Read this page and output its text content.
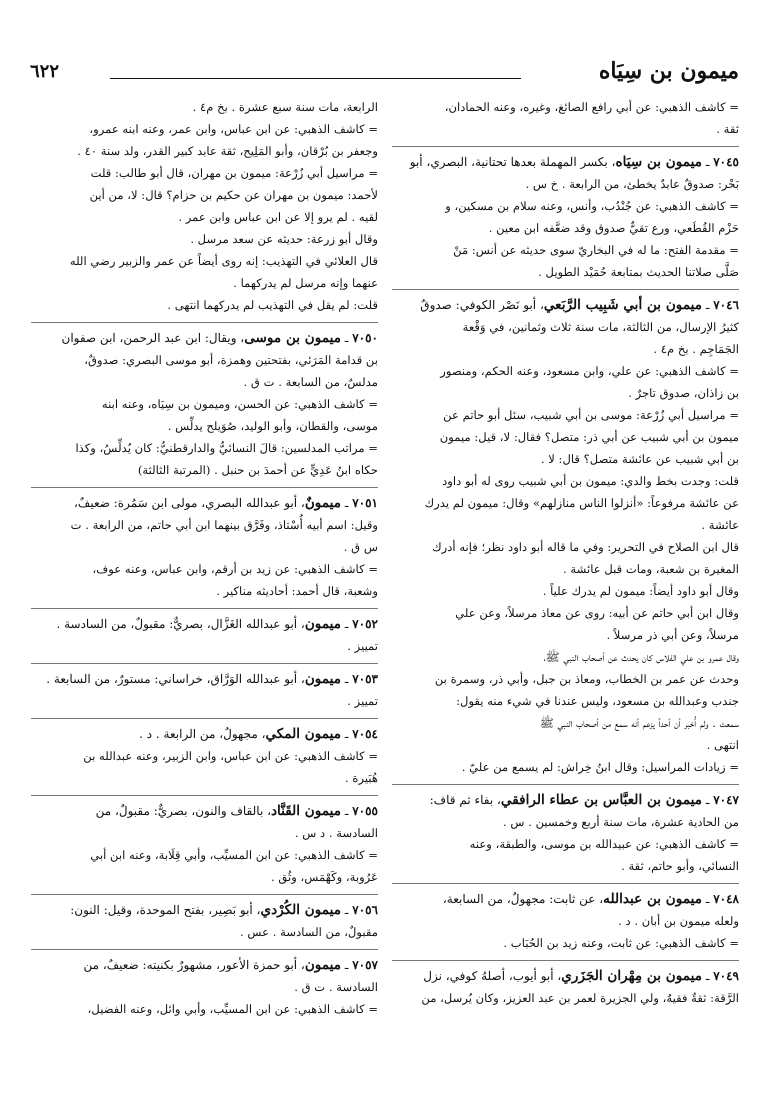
ميمون بن سِيَاه
٦٢٢

= كاشف الذهبي: عن أبي رافع الصائغ، وغيره، وعنه الحمادان،

ثقة .

٧٠٤٥ ـ ميمون بن سِيَاه، بكسر المهملة بعدها تحتانية، البصري، أبو

بَحْر: صدوقٌ عابدٌ يخطئ، من الرابعة . خ س .

= كاشف الذهبي: عن جُنْدُب، وأنس، وعنه سلام بن مسكين، و

حَزْم القُطَعي، ورع تقيٌّ صدوق وقد ضعَّفه ابن معين .

= مقدمة الفتح: ما له في البخاريّ سوى حديثه عن أنس: مَنْ

صَلَّى صلاتنا الحديث بمتابعة حُمَيْد الطويل .

٧٠٤٦ ـ ميمون بن أبي شَبِيب الرَّبَعي، أبو نَصْر الكوفي: صدوقٌ

كثيرُ الإرسال، من الثالثة، مات سنة ثلاث وثمانين، في وَقْعة

الجَمَاجِم . بخ م٤ .

= كاشف الذهبي: عن علي، وابن مسعود، وعنه الحكم، ومنصور

بن زاذان، صدوق تاجرٌ .

= مراسيل أبي زُرْعة: موسى بن أبي شبيب، سئل أبو حاتم عن

ميمون بن أبي شبيب عن أبي ذر: متصل؟ فقال: لا، قيل: ميمون

بن أبي شبيب عن عائشة متصل؟ قال: لا .

قلت: وجدت بخط والدي: ميمون بن أبي شبيب روى له أبو داود

عن عائشة مرفوعاً: «أنزلوا الناس منازلهم» وقال: ميمون لم يدرك

عائشة .

قال ابن الصلاح في التحرير: وفي ما قاله أبو داود نظر؛ فإنه أدرك

المغيرة بن شعبة، ومات قبل عائشة .

وقال أبو داود أيضاً: ميمون لم يدرك علياً .

وقال ابن أبي حاتم عن أبيه: روى عن معاذ مرسلاً، وعن علي

مرسلاً، وعن أبي ذر مرسلاً .

وقال عمرو بن علي الفلاس كان يحدث عن أصحاب النبي ﷺ،

وحدث عن عمر بن الخطاب، ومعاذ بن جبل، وأبي ذر، وسمرة بن

جندب وعبدالله بن مسعود، وليس عندنا في شيء منه يقول:

سمعت . ولم أُخبر أن أحداً يزعم أنه سمع من أصحاب النبي ﷺ

انتهى .

= زيادات المراسيل: وقال ابنُ خِراش: لم يسمع من عليّ .

٧٠٤٧ ـ ميمون بن العبَّاس بن عطاء الرافقي، بفاء ثم قاف:

من الحادية عشرة، مات سنة أربع وخمسين . س .

= كاشف الذهبي: عن عبيدالله بن موسى، والطبقة، وعنه

النسائي، وأبو حاتم، ثقة .

٧٠٤٨ ـ ميمون بن عبدالله، عن ثابت: مجهولٌ، من السابعة،

ولعله ميمون بن أبان . د .

= كاشف الذهبي: عن ثابت، وعنه زيد بن الحُبَاب .

٧٠٤٩ ـ ميمون بن مِهْران الجَزَري، أبو أيوب، أصلهُ كوفي، نزل

الرَّقة: ثقةٌ فقيهٌ، ولي الجزيرة لعمر بن عبد العزيز، وكان يُرسل، من

الرابعة، مات سنة سبع عشرة . بخ م٤ .

= كاشف الذهبي: عن ابن عباس، وابن عمر، وعنه ابنه عمرو،

وجعفر بن بُرْقان، وأبو المَلِيح، ثقة عابد كبير القدر، ولد سنة ٤٠ .

= مراسيل أبي زُرْعة: ميمون بن مهران، قال أبو طالب: قلت

لأحمد: ميمون بن مهران عن حكيم بن حزام؟ قال: لا، من أين

لقيه . لم يرو إلا عن ابن عباس وابن عمر .

وقال أبو زرعة: حديثه عن سعد مرسل .

قال العلائي في التهذيب: إنه روى أيضاً عن عمر والزبير رضي الله

عنهما وإنه مرسل لم يدركهما .

قلت: لم يقل في التهذيب لم يدركهما انتهى .

٧٠٥٠ ـ ميمون بن موسى، ويقال: ابن عبد الرحمن، ابن صفوان

بن قدامة المَرَئي، بفتحتين وهمزة، أبو موسى البصري: صدوقٌ،

مدلسٌ، من السابعة . ت ق .

= كاشف الذهبي: عن الحسن، وميمون بن سِيَاه، وعنه ابنه

موسى، والقطان، وأبو الوليد، صُوَيلح يدلِّس .

= مراتب المدلسين: قالَ النسائيُّ والدارقطنيُّ: كان يُدلِّسُ، وكذا

حكاه ابنُ عَدِيٍّ عن أحمدَ بن حنبل . (المرتبة الثالثة)

٧٠٥١ ـ ميمونٌ، أبو عبدالله البصري، مولى ابن سَمُرة: ضعيفٌ،

وقيل: اسم أبيه أُسْتاذ، وفَرَّق بينهما ابن أبي حاتم، من الرابعة . ت

س ق .

= كاشف الذهبي: عن زيد بن أرقم، وابن عباس، وعنه عوف،

وشعبة، قال أحمد: أحاديثه مناكير .

٧٠٥٢ ـ ميمون، أبو عبدالله الغَزَّال، بصريٌّ: مقبولٌ، من السادسة .

تمييز .

٧٠٥٣ ـ ميمون، أبو عبدالله الوَرَّاق، خراساني: مستورٌ، من السابعة .

تمييز .

٧٠٥٤ ـ ميمون المكي، مجهولٌ، من الرابعة . د .

= كاشف الذهبي: عن ابن عباس، وابن الزبير، وعنه عبدالله بن

هُبَيرة .

٧٠٥٥ ـ ميمون القَنَّاد، بالقاف والنون، بصريٌّ: مقبولٌ، من

السادسة . د س .

= كاشف الذهبي: عن ابن المسيِّب، وأبي قِلَابة، وعنه ابن أبي

عَرُوبة، وكَهْمَس، وثُق .

٧٠٥٦ ـ ميمون الكُرْدي، أبو بَصِير، بفتح الموحدة، وقيل: النون:

مقبولٌ، من السادسة . عس .

٧٠٥٧ ـ ميمون، أبو حمزة الأعور، مشهورٌ بكنيته: ضعيفٌ، من

السادسة . ت ق .

= كاشف الذهبي: عن ابن المسيِّب، وأبي وائل، وعنه الفضيل،
